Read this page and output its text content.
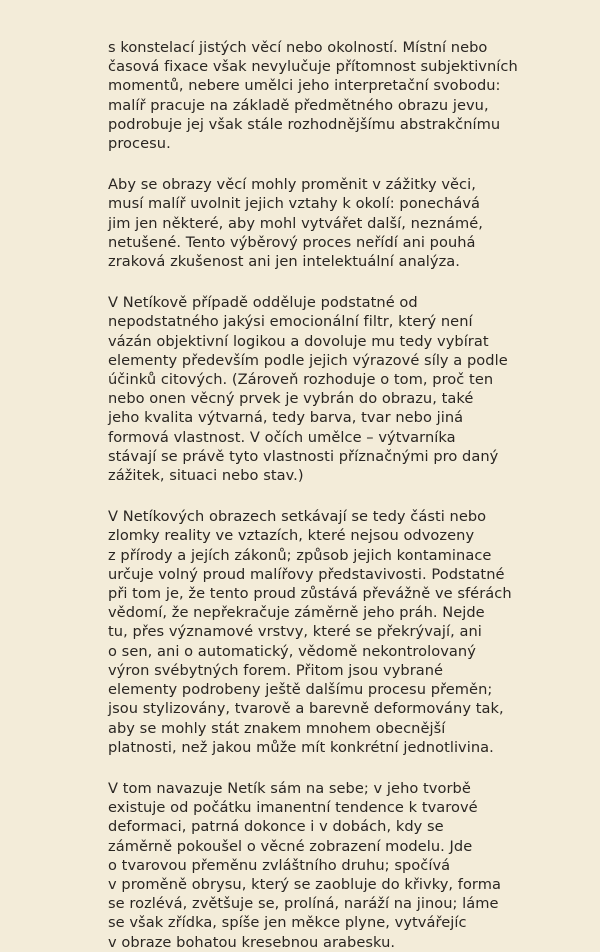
s konstelací jistých věcí nebo okolností. Místní nebo
časová fixace však nevylučuje přítomnost subjektivních
momentů, nebere umělci jeho interpretační svobodu:
malíř pracuje na základě předmětného obrazu jevu,
podrobuje jej však stále rozhodnějšímu abstrakčnímu
procesu.
Aby se obrazy věcí mohly proměnit v zážitky věci,
musí malíř uvolnit jejich vztahy k okolí: ponechává
jim jen některé, aby mohl vytvářet další, neznámé,
netušené. Tento výběrový proces neřídí ani pouhá
zraková zkušenost ani jen intelektuální analýza.
V Netíkově případě odděluje podstatné od
nepodstatného jakýsi emocionální filtr, který není
vázán objektivní logikou a dovoluje mu tedy vybírat
elementy především podle jejich výrazové síly a podle
účinků citových. (Zároveň rozhoduje o tom, proč ten
nebo onen věcný prvek je vybrán do obrazu, také
jeho kvalita výtvarná, tedy barva, tvar nebo jiná
formová vlastnost. V očích umělce – výtvarníka
stávají se právě tyto vlastnosti příznačnými pro daný
zážitek, situaci nebo stav.)
V Netíkových obrazech setkávají se tedy části nebo
zlomky reality ve vztazích, které nejsou odvozeny
z přírody a jejích zákonů; způsob jejich kontaminace
určuje volný proud malířovy představivosti. Podstatné
při tom je, že tento proud zůstává převážně ve sférách
vědomí, že nepřekračuje záměrně jeho práh. Nejde
tu, přes významové vrstvy, které se překrývají, ani
o sen, ani o automatický, vědomě nekontrolovaný
výron svébytných forem. Přitom jsou vybrané
elementy podrobeny ještě dalšímu procesu přeměn;
jsou stylizovány, tvarově a barevně deformovány tak,
aby se mohly stát znakem mnohem obecnější
platnosti, než jakou může mít konkrétní jednotlivina.
V tom navazuje Netík sám na sebe; v jeho tvorbě
existuje od počátku imanentní tendence k tvarové
deformaci, patrná dokonce i v dobách, kdy se
záměrně pokoušel o věcné zobrazení modelu. Jde
o tvarovou přeměnu zvláštního druhu; spočívá
v proměně obrysu, který se zaobluje do křivky, forma
se rozlévá, zvětšuje se, prolíná, naráží na jinou; láme
se však zřídka, spíše jen měkce plyne, vytvářejíc
v obraze bohatou kresebnou arabesku.
